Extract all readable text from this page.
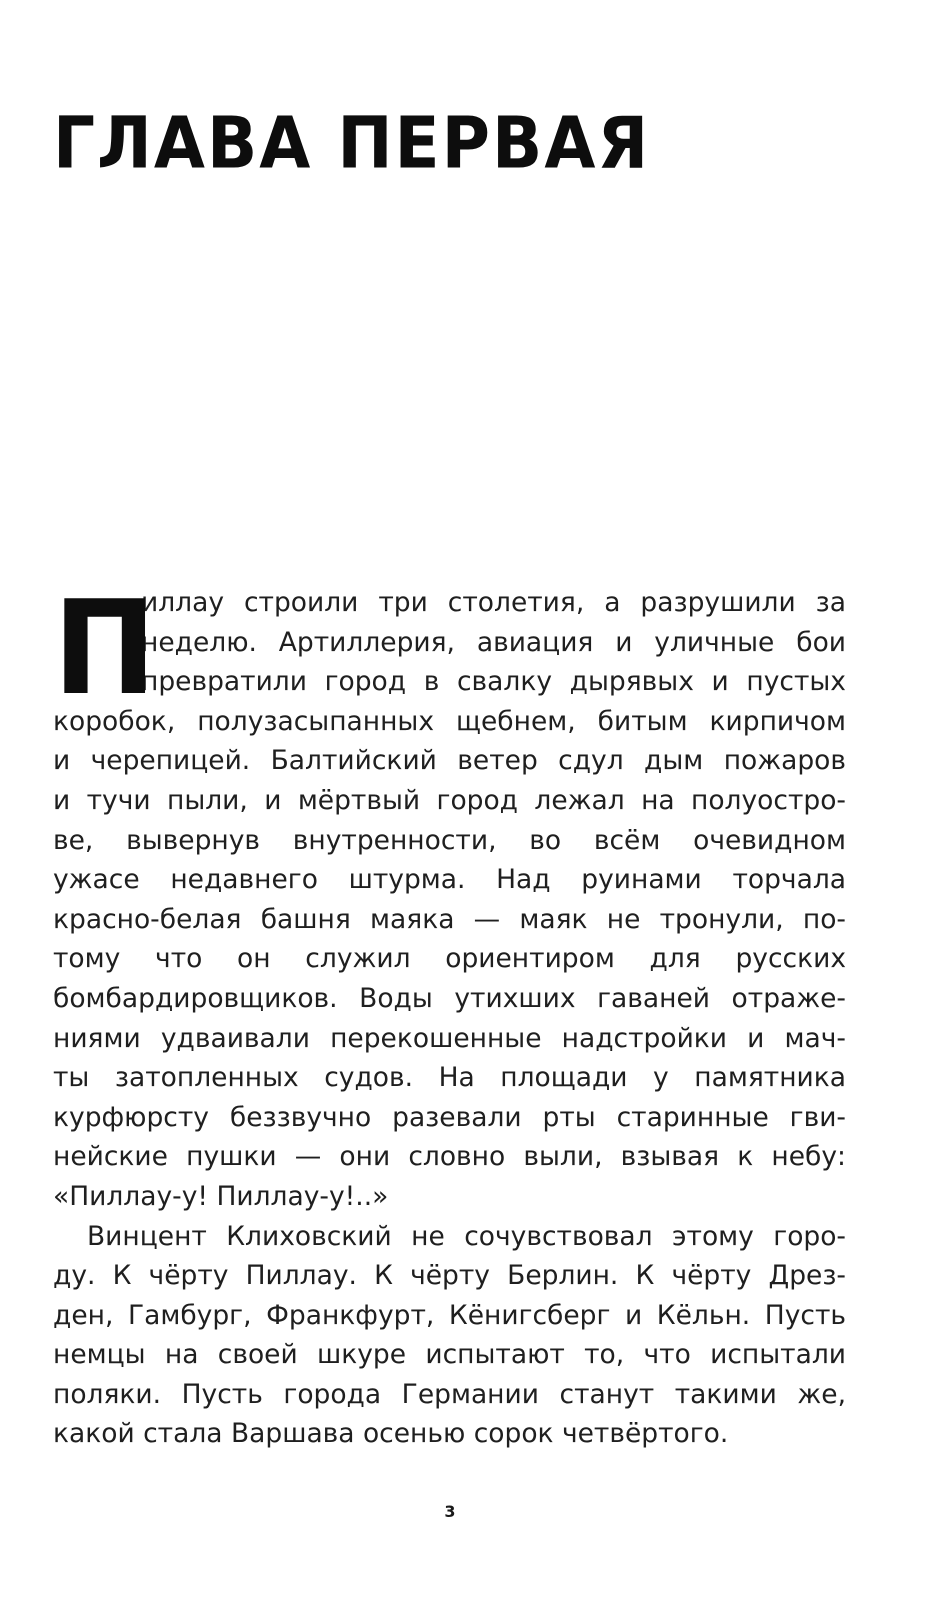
ГЛАВА ПЕРВАЯ
П
иллау строили три столетия, а разрушили за
неделю. Артиллерия, авиация и уличные бои
превратили город в свалку дырявых и пустых
коробок, полузасыпанных щебнем, битым кирпичом
и черепицей. Балтийский ветер сдул дым пожаров
и тучи пыли, и мёртвый город лежал на полуостро-
ве, вывернув внутренности, во всём очевидном
ужасе недавнего штурма. Над руинами торчала
красно-белая башня маяка — маяк не тронули, по-
тому что он служил ориентиром для русских
бомбардировщиков. Воды утихших гаваней отраже-
ниями удваивали перекошенные надстройки и мач-
ты затопленных судов. На площади у памятника
курфюрсту беззвучно разевали рты старинные гви-
нейские пушки — они словно выли, взывая к небу:
«Пиллау-у! Пиллау-у!..»
Винцент Клиховский не сочувствовал этому горо-
ду. К чёрту Пиллау. К чёрту Берлин. К чёрту Дрез-
ден, Гамбург, Франкфурт, Кёнигсберг и Кёльн. Пусть
немцы на своей шкуре испытают то, что испытали
поляки. Пусть города Германии станут такими же,
какой стала Варшава осенью сорок четвёртого.
3
